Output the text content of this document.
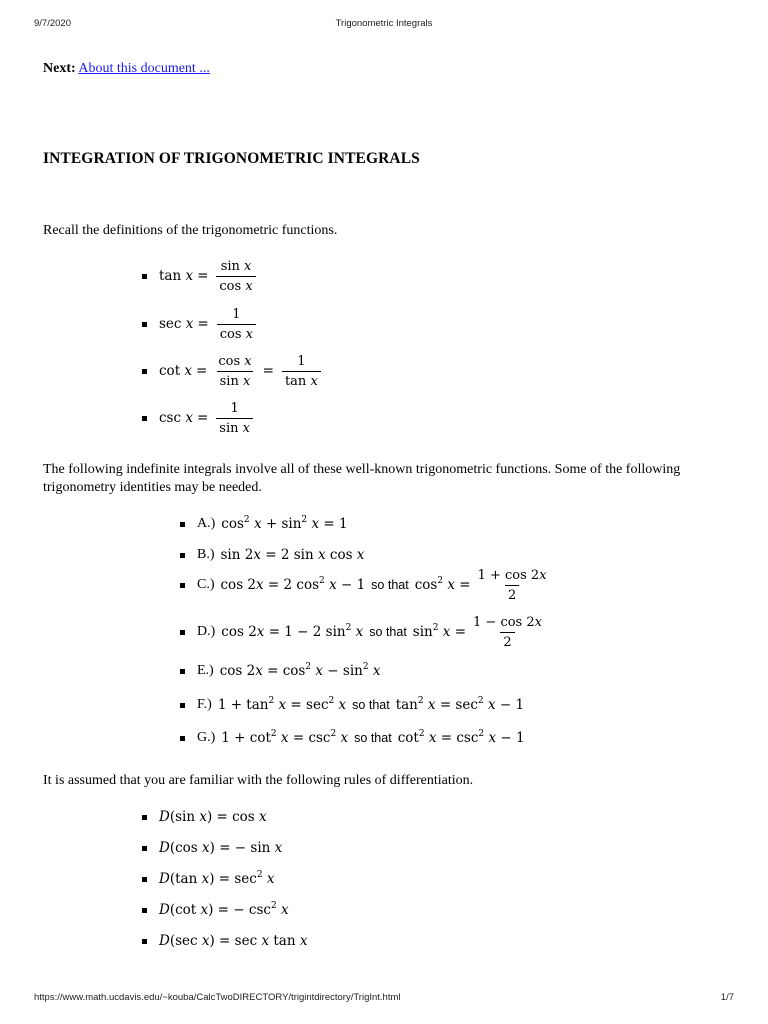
9/7/2020	Trigonometric Integrals
Next: About this document ...
INTEGRATION OF TRIGONOMETRIC INTEGRALS

Recall the definitions of the trigonometric functions.

$\tan x = \frac{\text{sin x}}{\text{cos x}}$
$\sec x = \frac{1}{\text{cos x}}$
$\cot x = \frac{\text{cos x}}{\text{sin x}} = \frac{1}{\text{tan x}}$
$\csc x = \frac{1}{\text{sin x}}$

The following indefinite integrals involve all of these well-known trigonometric functions. Some of the following trigonometry identities may be needed.

A.) $\cos^2 x + \sin^2 x = 1$
B.) sin 2x = 2 sin x cos x
C.) cos 2x = 2 $\cos^2 x - 1$ so that $\cos^2 x = \frac{1 + \cos 2x}{2}$
D.) cos 2x = 1 − 2 $\sin^2 x$ so that $\sin^2 x = \frac{1 - \cos 2x}{2}$
E.) $\cos 2x = \cos^2 x - \sin^2 x$
F.) $1 + \tan^2 x = \sec^2 x$ so that $\tan^2 x = \sec^2 x - 1$
G.) $1 + \cot^2 x = \csc^2 x$ so that $\cot^2 x = \csc^2 x - 1$

It is assumed that you are familiar with the following rules of differentiation.

D(sin x) = cos x
D(cos x) = − sin x
D(tan $x) = \sec^2 x$
D(cot x) = − $\csc^2 x$
D(sec x) = sec x tan x
https://www.math.ucdavis.edu/~kouba/CalcTwoDIRECTORY/trigintdirectory/TrigInt.html	1/7
